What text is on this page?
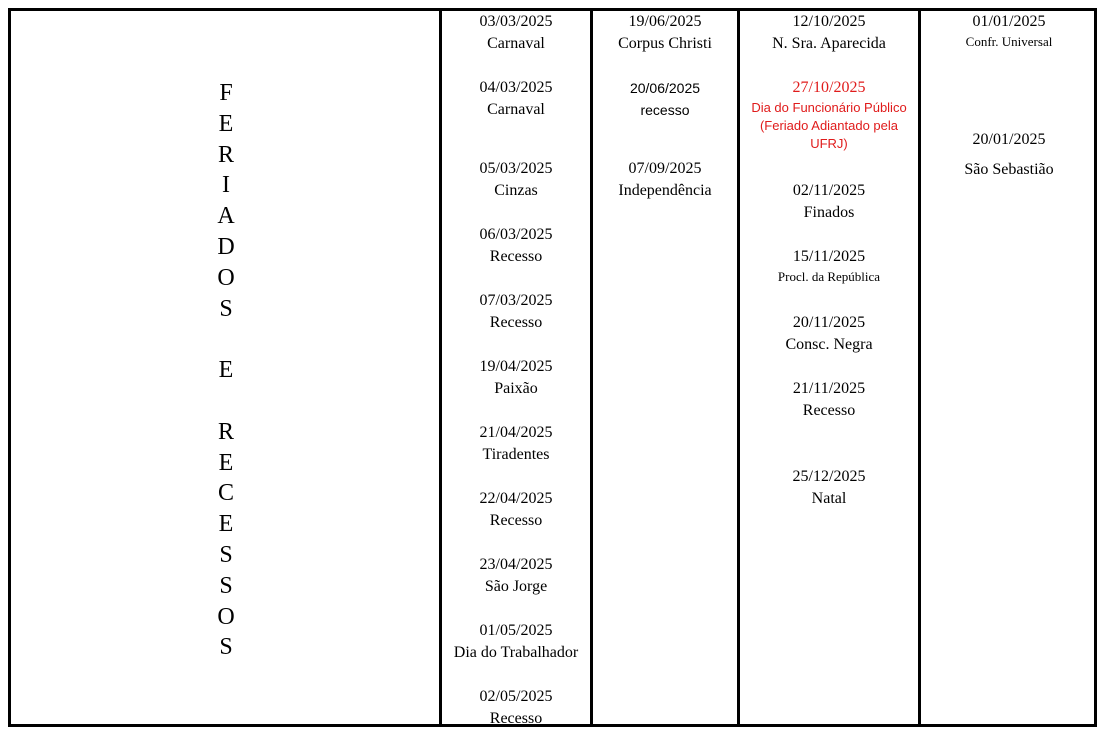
F
E
R
I
A
D
O
S
E
R
E
C
E
S
S
O
S
03/03/2025
Carnaval
04/03/2025
Carnaval
05/03/2025
Cinzas
06/03/2025
Recesso
07/03/2025
Recesso
19/04/2025
Paixão
21/04/2025
Tiradentes
22/04/2025
Recesso
23/04/2025
São Jorge
01/05/2025
Dia do Trabalhador
02/05/2025
Recesso
19/06/2025
Corpus Christi
20/06/2025
recesso
07/09/2025
Independência
12/10/2025
N. Sra. Aparecida
27/10/2025
Dia do Funcionário Público
(Feriado Adiantado pela
UFRJ)
02/11/2025
Finados
15/11/2025
Procl. da República
20/11/2025
Consc. Negra
21/11/2025
Recesso
25/12/2025
Natal
01/01/2025
Confr. Universal
20/01/2025
São Sebastião
